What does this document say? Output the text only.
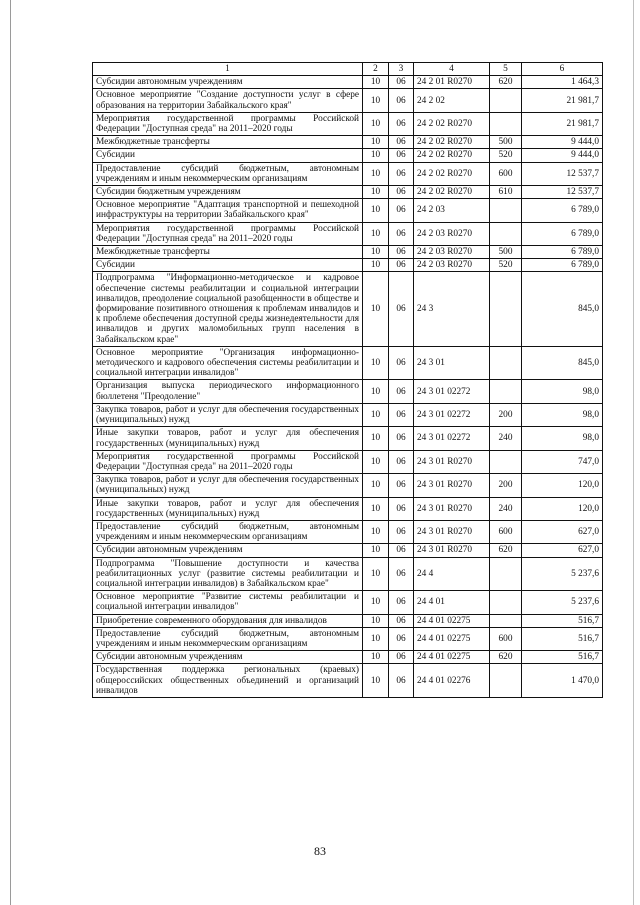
1	2	3	4	5	6
Субсидии автономным учреждениям	10	06	24 2 01 R0270	620	1 464,3
Основное мероприятие "Создание доступности услуг в сфере образования на территории Забайкальского края"	10	06	24 2 02		21 981,7
Мероприятия государственной программы Российской Федерации "Доступная среда" на 2011–2020 годы	10	06	24 2 02 R0270		21 981,7
Межбюджетные трансферты	10	06	24 2 02 R0270	500	9 444,0
Субсидии	10	06	24 2 02 R0270	520	9 444,0
Предоставление субсидий бюджетным, автономным учреждениям и иным некоммерческим организациям	10	06	24 2 02 R0270	600	12 537,7
Субсидии бюджетным учреждениям	10	06	24 2 02 R0270	610	12 537,7
Основное мероприятие "Адаптация транспортной и пешеходной инфраструктуры на территории Забайкальского края"	10	06	24 2 03		6 789,0
Мероприятия государственной программы Российской Федерации "Доступная среда" на 2011–2020 годы	10	06	24 2 03 R0270		6 789,0
Межбюджетные трансферты	10	06	24 2 03 R0270	500	6 789,0
Субсидии	10	06	24 2 03 R0270	520	6 789,0
Подпрограмма "Информационно-методическое и кадровое обеспечение системы реабилитации и социальной интеграции инвалидов, преодоление социальной разобщенности в обществе и формирование позитивного отношения к проблемам инвалидов и к проблеме обеспечения доступной среды жизнедеятельности для инвалидов и других маломобильных групп населения в Забайкальском крае"	10	06	24 3		845,0
Основное мероприятие "Организация информационно-методического и кадрового обеспечения системы реабилитации и социальной интеграции инвалидов"	10	06	24 3 01		845,0
Организация выпуска периодического информационного бюллетеня "Преодоление"	10	06	24 3 01 02272		98,0
Закупка товаров, работ и услуг для обеспечения государственных (муниципальных) нужд	10	06	24 3 01 02272	200	98,0
Иные закупки товаров, работ и услуг для обеспечения государственных (муниципальных) нужд	10	06	24 3 01 02272	240	98,0
Мероприятия государственной программы Российской Федерации "Доступная среда" на 2011–2020 годы	10	06	24 3 01 R0270		747,0
Закупка товаров, работ и услуг для обеспечения государственных (муниципальных) нужд	10	06	24 3 01 R0270	200	120,0
Иные закупки товаров, работ и услуг для обеспечения государственных (муниципальных) нужд	10	06	24 3 01 R0270	240	120,0
Предоставление субсидий бюджетным, автономным учреждениям и иным некоммерческим организациям	10	06	24 3 01 R0270	600	627,0
Субсидии автономным учреждениям	10	06	24 3 01 R0270	620	627,0
Подпрограмма "Повышение доступности и качества реабилитационных услуг (развитие системы реабилитации и социальной интеграции инвалидов) в Забайкальском крае"	10	06	24 4		5 237,6
Основное мероприятие "Развитие системы реабилитации и социальной интеграции инвалидов"	10	06	24 4 01		5 237,6
Приобретение современного оборудования для инвалидов	10	06	24 4 01 02275		516,7
Предоставление субсидий бюджетным, автономным учреждениям и иным некоммерческим организациям	10	06	24 4 01 02275	600	516,7
Субсидии автономным учреждениям	10	06	24 4 01 02275	620	516,7
Государственная поддержка региональных (краевых) общероссийских общественных объединений и организаций инвалидов	10	06	24 4 01 02276		1 470,0
83
